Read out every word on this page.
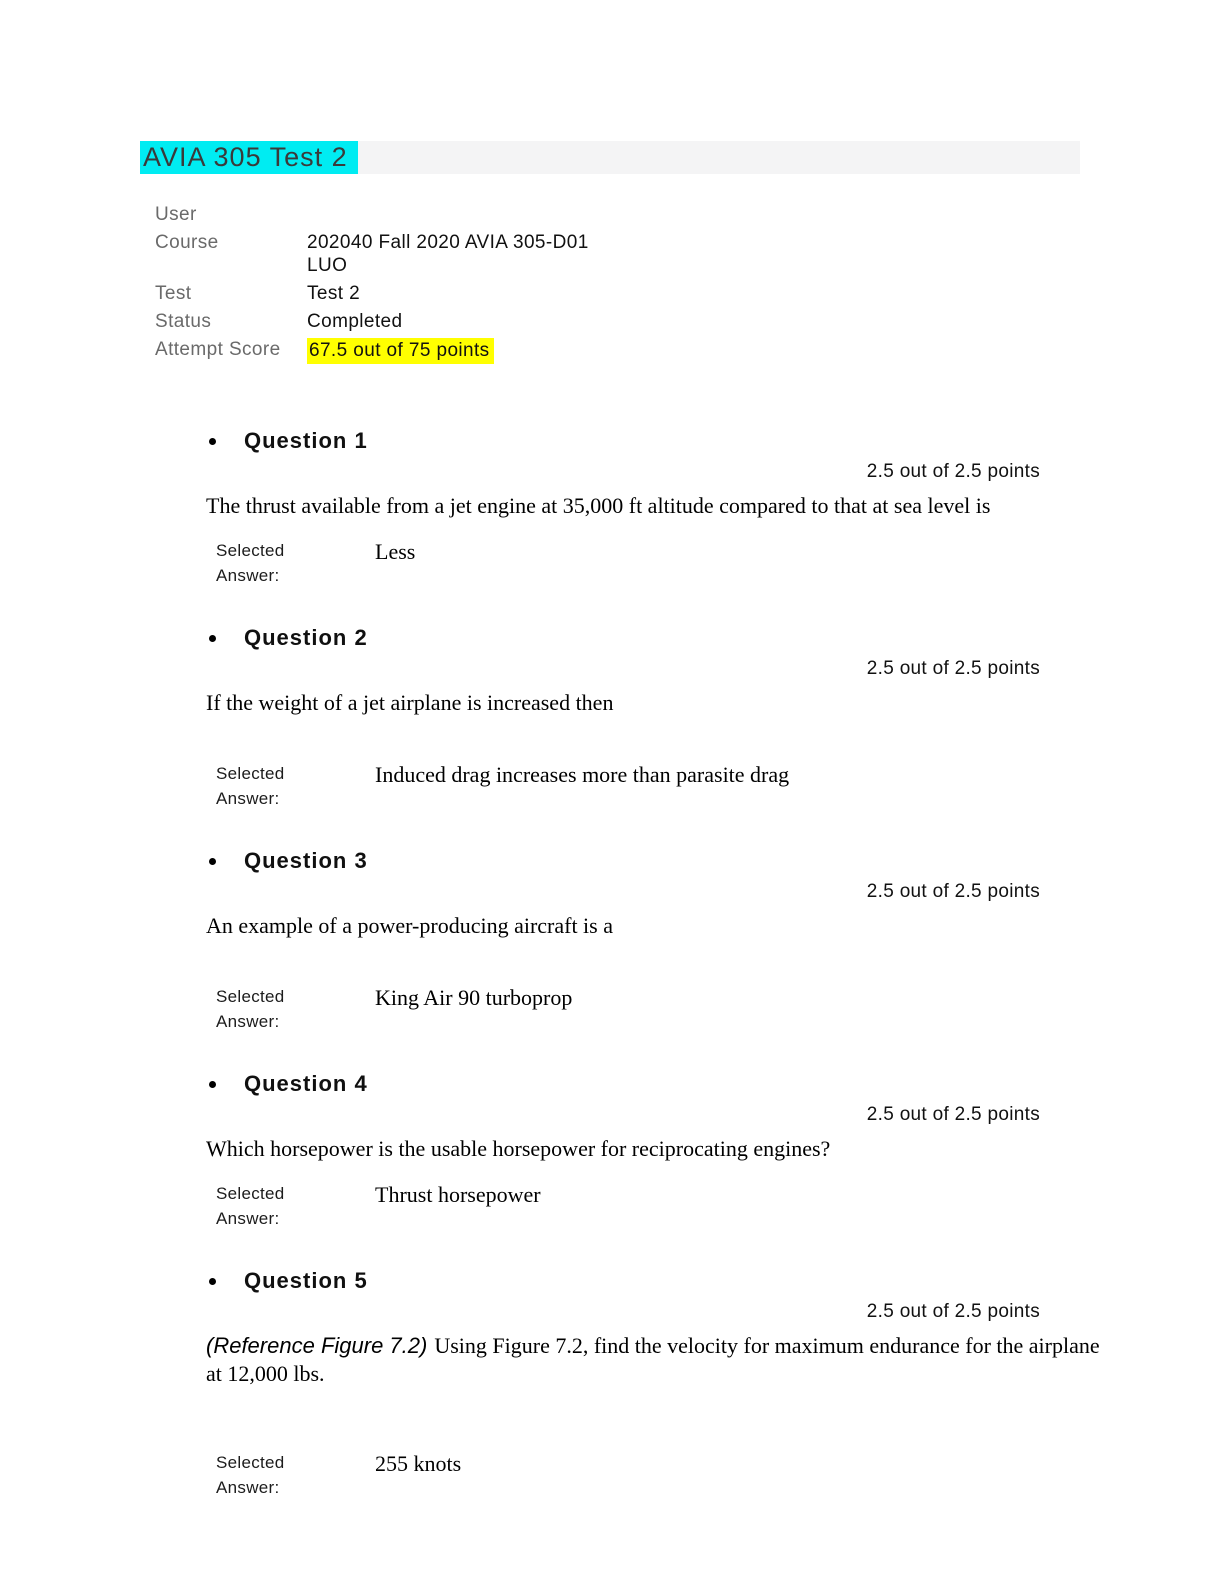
AVIA 305 Test 2
User
Course	202040 Fall 2020 AVIA 305-D01
LUO
Test	Test 2
Status	Completed
Attempt Score	67.5 out of 75 points
Question 1
2.5 out of 2.5 points
The thrust available from a jet engine at 35,000 ft altitude compared to that at sea level is
Selected
Answer:
Less
Question 2
2.5 out of 2.5 points
If the weight of a jet airplane is increased then
Selected
Answer:
Induced drag increases more than parasite drag
Question 3
2.5 out of 2.5 points
An example of a power-producing aircraft is a
Selected
Answer:
King Air 90 turboprop
Question 4
2.5 out of 2.5 points
Which horsepower is the usable horsepower for reciprocating engines?
Selected
Answer:
Thrust horsepower
Question 5
2.5 out of 2.5 points
(Reference Figure 7.2) Using Figure 7.2, find the velocity for maximum endurance for the airplane at 12,000 lbs.
Selected
Answer:
255 knots
